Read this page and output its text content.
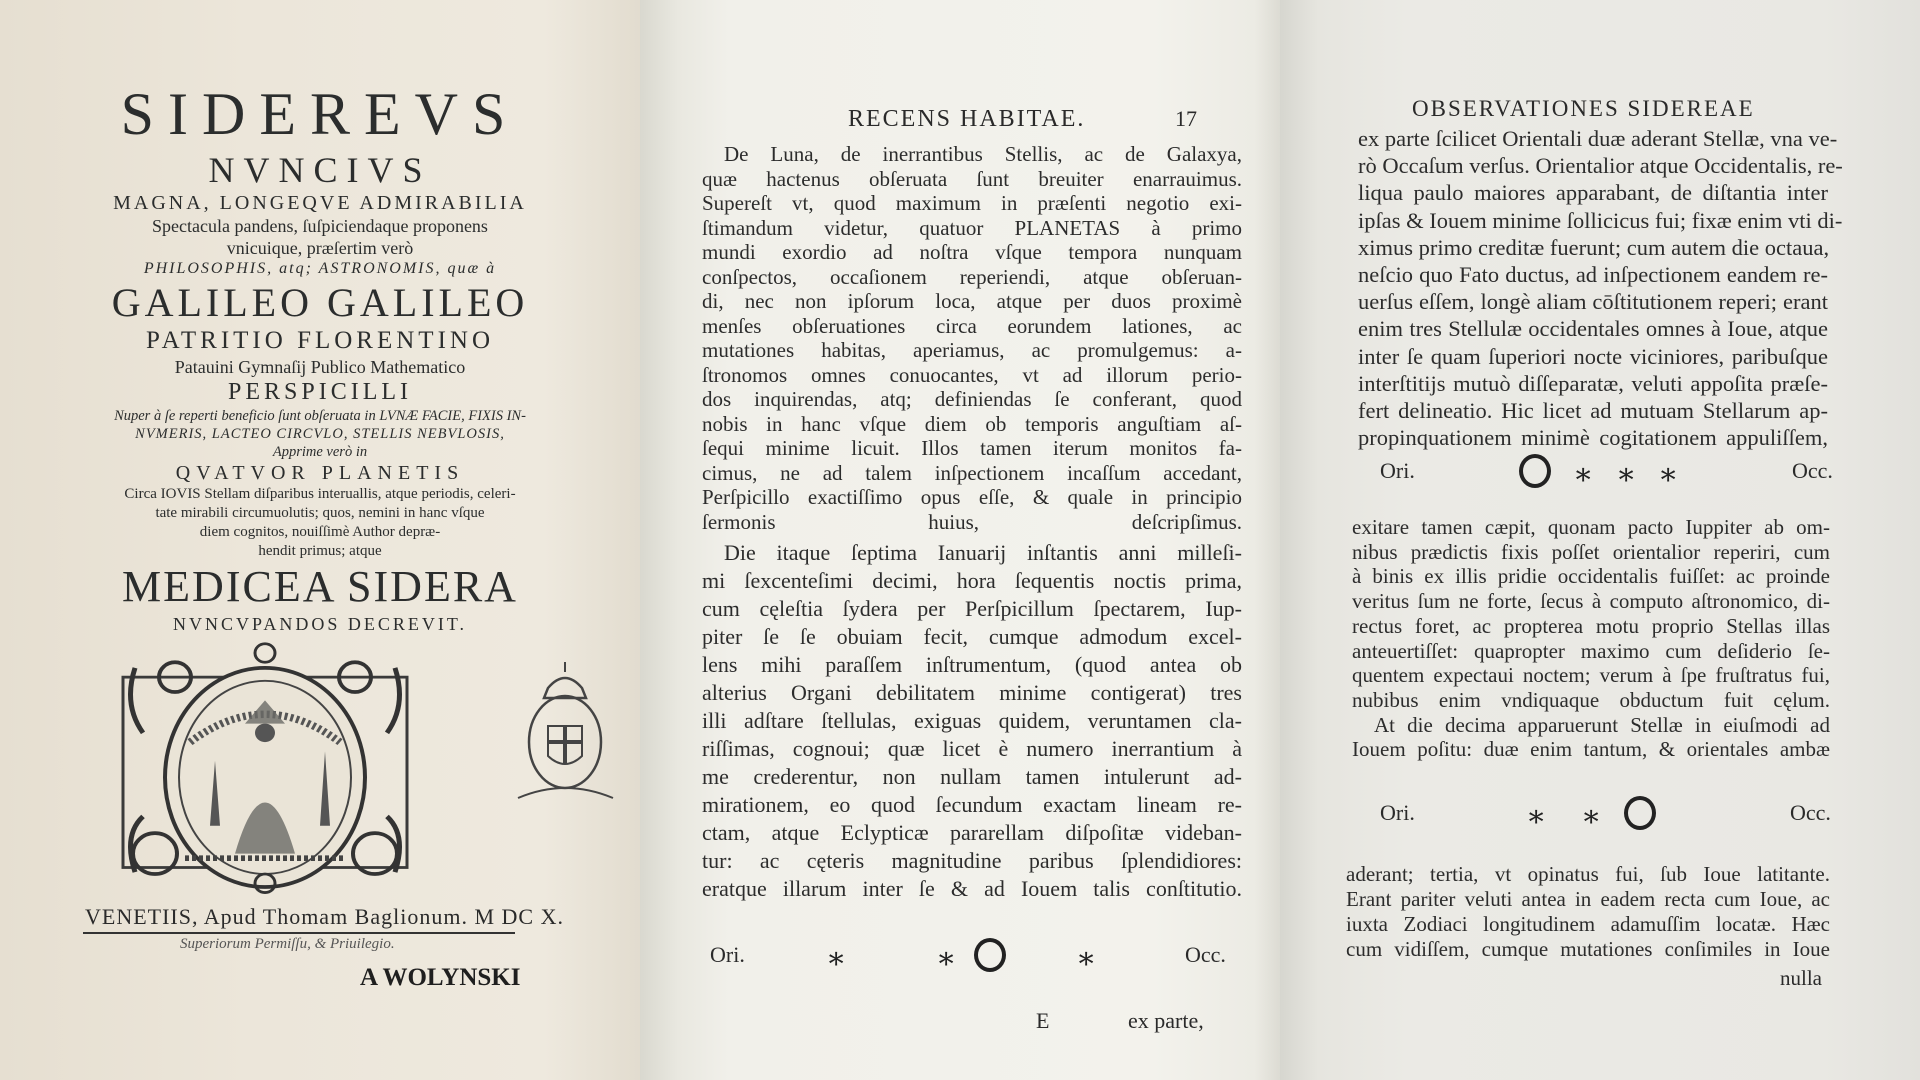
SIDEREVS
NVNCIVS
MAGNA, LONGEQVE ADMIRABILIA
Spectacula pandens, ſuſpiciendaque proponens
vnicuique, præſertim verò
PHILOSOPHIS, atq; ASTRONOMIS, quæ à
GALILEO GALILEO
PATRITIO FLORENTINO
Patauini Gymnaſij Publico Mathematico
PERSPICILLI
Nuper à ſe reperti beneficio ſunt obſeruata in LVNÆ FACIE, FIXIS IN-
NVMERIS, LACTEO CIRCVLO, STELLIS NEBVLOSIS,
Apprime verò in
QVATVOR PLANETIS
Circa IOVIS Stellam diſparibus interuallis, atque periodis, celeri-
tate mirabili circumuolutis; quos, nemini in hanc vſque
diem cognitos, nouiſſimè Author depræ-
hendit primus; atque
MEDICEA SIDERA
NVNCVPANDOS DECREVIT.
VENETIIS, Apud Thomam Baglionum. M DC X.
Superiorum Permiſſu, & Priuilegio.
A WOLYNSKI
RECENS HABITAE.	17
De Luna, de inerrantibus Stellis, ac de Galaxya,
quæ hactenus obſeruata ſunt breuiter enarrauimus.
Supereſt vt, quod maximum in præſenti negotio exi-
ſtimandum videtur, quatuor PLANETAS à primo
mundi exordio ad noſtra vſque tempora nunquam
conſpectos, occaſionem reperiendi, atque obſeruan-
di, nec non ipſorum loca, atque per duos proximè
menſes obſeruationes circa eorundem lationes, ac
mutationes habitas, aperiamus, ac promulgemus: a-
ſtronomos omnes conuocantes, vt ad illorum perio-
dos inquirendas, atq; definiendas ſe conferant, quod
nobis in hanc vſque diem ob temporis anguſtiam aſ-
ſequi minime licuit. Illos tamen iterum monitos fa-
cimus, ne ad talem inſpectionem incaſſum accedant,
Perſpicillo exactiſſimo opus eſſe, & quale in principio
ſermonis huius, deſcripſimus.
Die itaque ſeptima Ianuarij inſtantis anni milleſi-
mi ſexcenteſimi decimi, hora ſequentis noctis prima,
cum cęleſtia ſydera per Perſpicillum ſpectarem, Iup-
piter ſe ſe obuiam fecit, cumque admodum excel-
lens mihi paraſſem inſtrumentum, (quod antea ob
alterius Organi debilitatem minime contigerat) tres
illi adſtare ſtellulas, exiguas quidem, veruntamen cla-
riſſimas, cognoui; quæ licet è numero inerrantium à
me crederentur, non nullam tamen intulerunt ad-
mirationem, eo quod ſecundum exactam lineam re-
ctam, atque Eclypticæ pararellam diſpoſitæ videban-
tur: ac cęteris magnitudine paribus ſplendidiores:
eratque illarum inter ſe & ad Iouem talis conſtitutio.
Ori.	Occ.
∗	∗	∗
E	ex parte,
OBSERVATIONES SIDEREAE
ex parte ſcilicet Orientali duæ aderant Stellæ, vna ve-
rò Occaſum verſus. Orientalior atque Occidentalis, re-
liqua paulo maiores apparabant, de diſtantia inter
ipſas & Iouem minime ſollicicus fui; fixæ enim vti di-
ximus primo creditæ fuerunt; cum autem die octaua,
neſcio quo Fato ductus, ad inſpectionem eandem re-
uerſus eſſem, longè aliam cōſtitutionem reperi; erant
enim tres Stellulæ occidentales omnes à Ioue, atque
inter ſe quam ſuperiori nocte viciniores, paribuſque
interſtitijs mutuò diſſeparatæ, veluti appoſita præſe-
fert delineatio. Hic licet ad mutuam Stellarum ap-
propinquationem minimè cogitationem appuliſſem,
exitare tamen cæpit, quonam pacto Iuppiter ab om-
nibus prædictis fixis poſſet orientalior reperiri, cum
à binis ex illis pridie occidentalis fuiſſet: ac proinde
veritus ſum ne forte, ſecus à computo aſtronomico, di-
rectus foret, ac propterea motu proprio Stellas illas
anteuertiſſet: quapropter maximo cum deſiderio ſe-
quentem expectaui noctem; verum à ſpe fruſtratus fui,
nubibus enim vndiquaque obductum fuit cęlum.
At die decima apparuerunt Stellæ in eiuſmodi ad
Iouem poſitu: duæ enim tantum, & orientales ambæ
aderant; tertia, vt opinatus fui, ſub Ioue latitante.
Erant pariter veluti antea in eadem recta cum Ioue, ac
iuxta Zodiaci longitudinem adamuſſim locatæ. Hæc
cum vidiſſem, cumque mutationes conſimiles in Ioue
Ori.	Occ.
∗ ∗ ∗
Ori.	Occ.
∗ ∗
nulla
